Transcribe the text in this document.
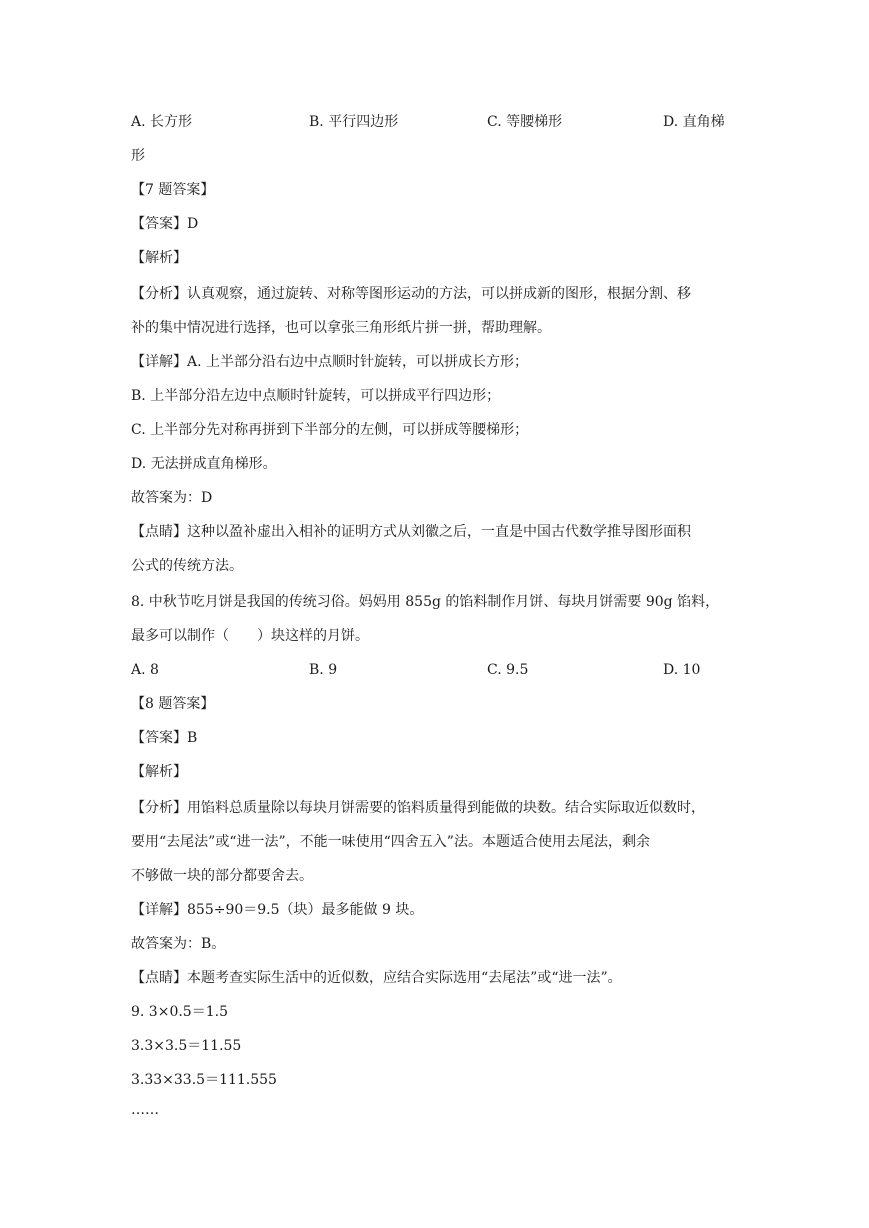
A. 长方形	B. 平行四边形	C. 等腰梯形	D. 直角梯
形
【7 题答案】
【答案】D
【解析】
【分析】认真观察，通过旋转、对称等图形运动的方法，可以拼成新的图形，根据分割、移
补的集中情况进行选择，也可以拿张三角形纸片拼一拼，帮助理解。
【详解】A. 上半部分沿右边中点顺时针旋转，可以拼成长方形；
B. 上半部分沿左边中点顺时针旋转，可以拼成平行四边形；
C. 上半部分先对称再拼到下半部分的左侧，可以拼成等腰梯形；
D. 无法拼成直角梯形。
故答案为：D
【点睛】这种以盈补虚出入相补的证明方式从刘徽之后，一直是中国古代数学推导图形面积
公式的传统方法。
8. 中秋节吃月饼是我国的传统习俗。妈妈用 855g 的馅料制作月饼、每块月饼需要 90g 馅料，
最多可以制作（　　）块这样的月饼。
A. 8	B. 9	C. 9.5	D. 10
【8 题答案】
【答案】B
【解析】
【分析】用馅料总质量除以每块月饼需要的馅料质量得到能做的块数。结合实际取近似数时，
要用“去尾法”或“进一法”，不能一味使用“四舍五入”法。本题适合使用去尾法，剩余
不够做一块的部分都要舍去。
【详解】855÷90＝9.5（块）最多能做 9 块。
故答案为：B。
【点睛】本题考查实际生活中的近似数，应结合实际选用“去尾法”或“进一法”。
9. 3×0.5＝1.5
3.3×3.5＝11.55
3.33×33.5＝111.555
……
